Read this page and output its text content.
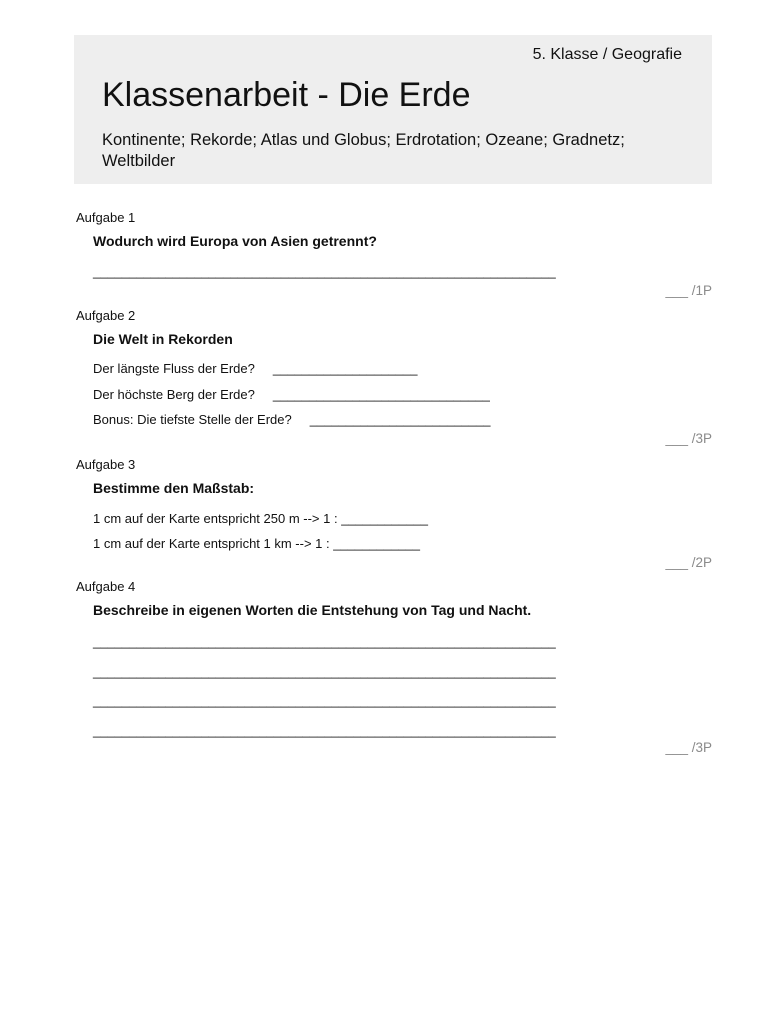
5. Klasse / Geografie
Klassenarbeit - Die Erde
Kontinente; Rekorde; Atlas und Globus; Erdrotation; Ozeane; Gradnetz; Weltbilder
Aufgabe 1
Wodurch wird Europa von Asien getrennt?
________________________________________________________________
___ /1P
Aufgabe 2
Die Welt in Rekorden
Der längste Fluss der Erde?     ____________________
Der höchste Berg der Erde?     ______________________________
Bonus: Die tiefste Stelle der Erde?     _________________________
___ /3P
Aufgabe 3
Bestimme den Maßstab:
1 cm auf der Karte entspricht 250 m --> 1 : ____________
1 cm auf der Karte entspricht 1 km --> 1 : ____________
___ /2P
Aufgabe 4
Beschreibe in eigenen Worten die Entstehung von Tag und Nacht.
________________________________________________________________
________________________________________________________________
________________________________________________________________
________________________________________________________________
___ /3P
